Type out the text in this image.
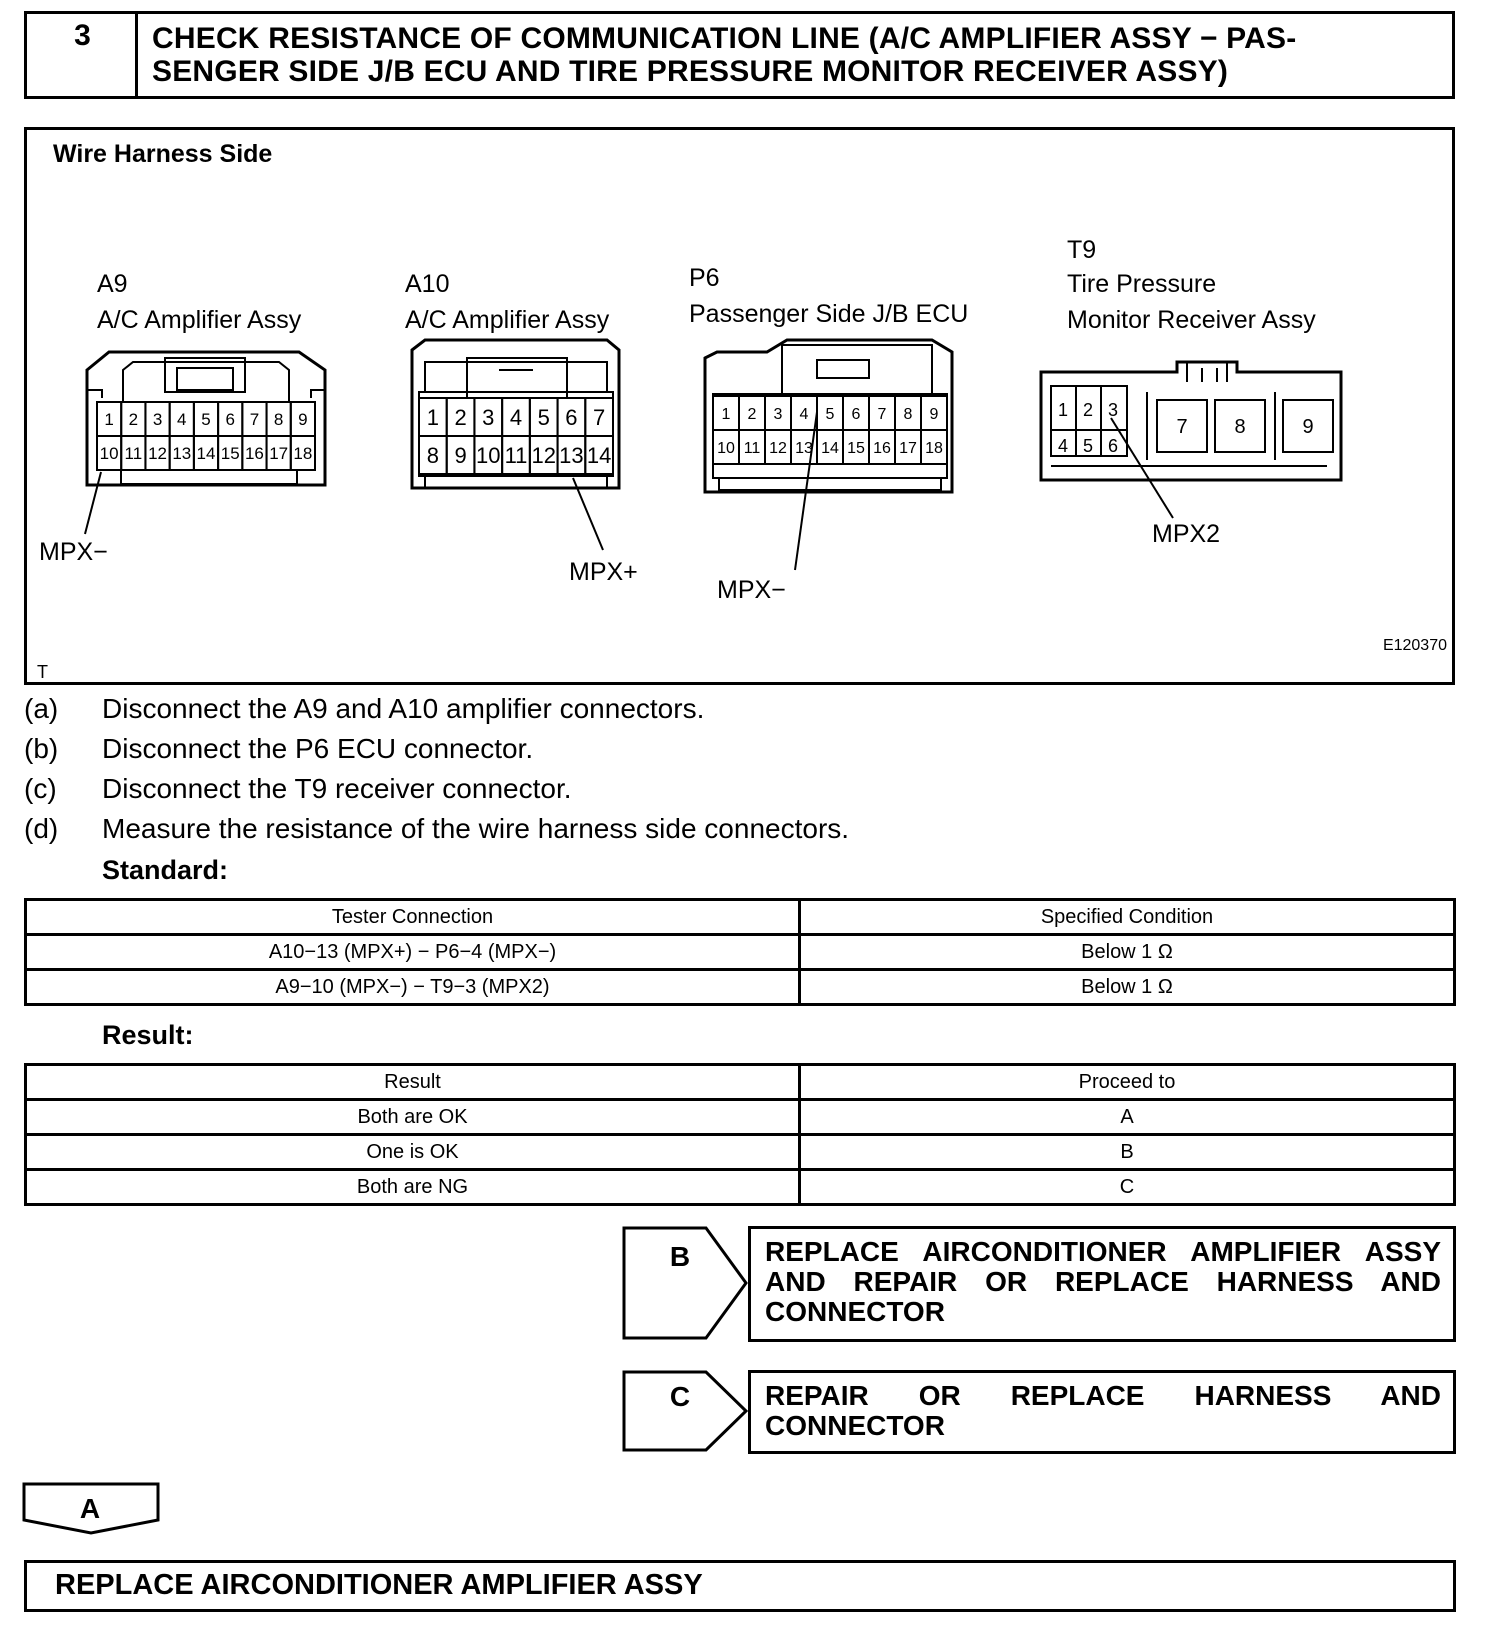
3	CHECK RESISTANCE OF COMMUNICATION LINE (A/C AMPLIFIER ASSY − PAS-
SENGER SIDE J/B ECU AND TIRE PRESSURE MONITOR RECEIVER ASSY)
Wire Harness Side
A9
A/C Amplifier Assy
1 2 3 4 5 6 7 8 9
10 11 12 13 14 15 16 17 18
MPX−
A10
A/C Amplifier Assy
1 2 3 4 5 6 7
8 9 10 11 12 13 14
MPX+
P6
Passenger Side J/B ECU
1 2 3 4 5 6 7 8 9
10 11 12 13 14 15 16 17 18
MPX−
T9
Tire Pressure
Monitor Receiver Assy
1 2 3
4 5 6
7 8	9
MPX2
T
E120370
(a) Disconnect the A9 and A10 amplifier connectors.
(b) Disconnect the P6 ECU connector.
(c) Disconnect the T9 receiver connector.
(d) Measure the resistance of the wire harness side connectors.
Standard:
Tester Connection	Specified Condition
A10−13 (MPX+) − P6−4 (MPX−)	Below 1 Ω
A9−10 (MPX−) − T9−3 (MPX2)	Below 1 Ω
Result:
Result	Proceed to
Both are OK	A
One is OK	B
Both are NG	C
B	REPLACE AIRCONDITIONER AMPLIFIER ASSY AND REPAIR OR REPLACE HARNESS AND CONNECTOR
C	REPAIR OR REPLACE HARNESS AND CONNECTOR
A
REPLACE AIRCONDITIONER AMPLIFIER ASSY
